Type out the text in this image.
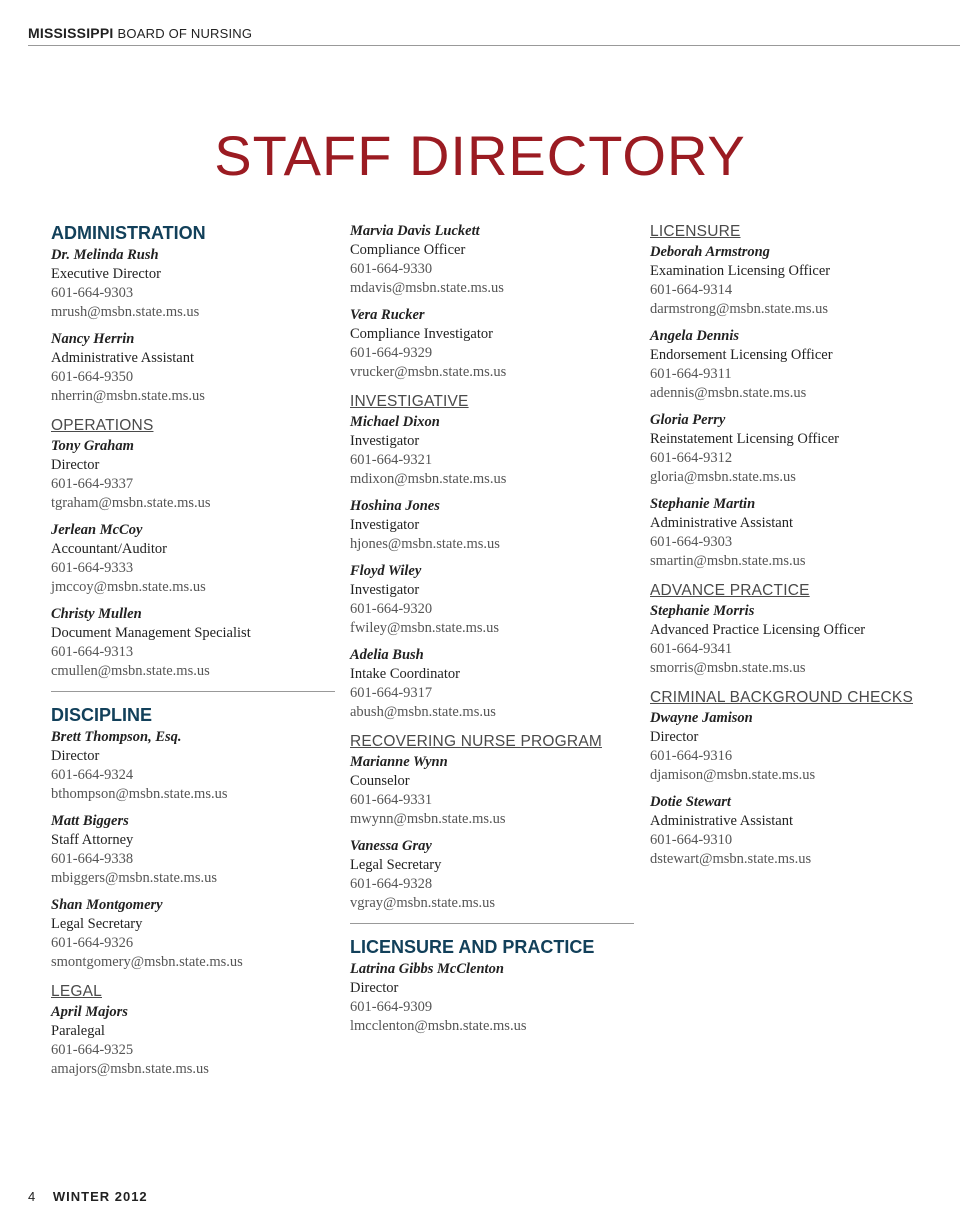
MISSISSIPPI BOARD OF NURSING
STAFF DIRECTORY
ADMINISTRATION
Dr. Melinda Rush
Executive Director
601-664-9303
mrush@msbn.state.ms.us
Nancy Herrin
Administrative Assistant
601-664-9350
nherrin@msbn.state.ms.us
OPERATIONS
Tony Graham
Director
601-664-9337
tgraham@msbn.state.ms.us
Jerlean McCoy
Accountant/Auditor
601-664-9333
jmccoy@msbn.state.ms.us
Christy Mullen
Document Management Specialist
601-664-9313
cmullen@msbn.state.ms.us
DISCIPLINE
Brett Thompson, Esq.
Director
601-664-9324
bthompson@msbn.state.ms.us
Matt Biggers
Staff Attorney
601-664-9338
mbiggers@msbn.state.ms.us
Shan Montgomery
Legal Secretary
601-664-9326
smontgomery@msbn.state.ms.us
LEGAL
April Majors
Paralegal
601-664-9325
amajors@msbn.state.ms.us
Marvia Davis Luckett
Compliance Officer
601-664-9330
mdavis@msbn.state.ms.us
Vera Rucker
Compliance Investigator
601-664-9329
vrucker@msbn.state.ms.us
INVESTIGATIVE
Michael Dixon
Investigator
601-664-9321
mdixon@msbn.state.ms.us
Hoshina Jones
Investigator
hjones@msbn.state.ms.us
Floyd Wiley
Investigator
601-664-9320
fwiley@msbn.state.ms.us
Adelia Bush
Intake Coordinator
601-664-9317
abush@msbn.state.ms.us
RECOVERING NURSE PROGRAM
Marianne Wynn
Counselor
601-664-9331
mwynn@msbn.state.ms.us
Vanessa Gray
Legal Secretary
601-664-9328
vgray@msbn.state.ms.us
LICENSURE AND PRACTICE
Latrina Gibbs McClenton
Director
601-664-9309
lmcclenton@msbn.state.ms.us
LICENSURE
Deborah Armstrong
Examination Licensing Officer
601-664-9314
darmstrong@msbn.state.ms.us
Angela Dennis
Endorsement Licensing Officer
601-664-9311
adennis@msbn.state.ms.us
Gloria Perry
Reinstatement Licensing Officer
601-664-9312
gloria@msbn.state.ms.us
Stephanie Martin
Administrative Assistant
601-664-9303
smartin@msbn.state.ms.us
ADVANCE PRACTICE
Stephanie Morris
Advanced Practice Licensing Officer
601-664-9341
smorris@msbn.state.ms.us
CRIMINAL BACKGROUND CHECKS
Dwayne Jamison
Director
601-664-9316
djamison@msbn.state.ms.us
Dotie Stewart
Administrative Assistant
601-664-9310
dstewart@msbn.state.ms.us
4 WINTER 2012
